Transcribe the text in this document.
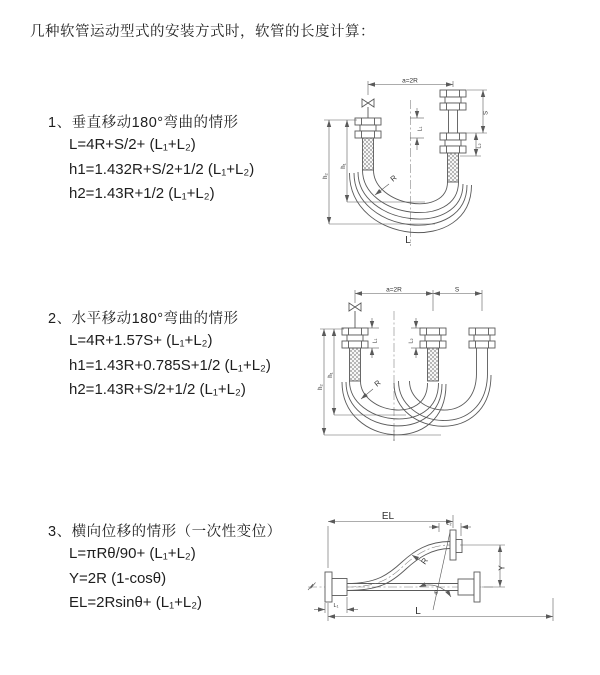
几种软管运动型式的安装方式时，软管的长度计算：
1、垂直移动180°弯曲的情形
L=4R+S/2+ (L₁+L₂)
h1=1.432R+S/2+1/2 (L₁+L₂)
h2=1.43R+1/2 (L₁+L₂)
2、水平移动180°弯曲的情形
L=4R+1.57S+ (L₁+L₂)
h1=1.43R+0.785S+1/2 (L₁+L₂)
h2=1.43R+S/2+1/2 (L₁+L₂)
3、横向位移的情形（一次性变位）
L=πRθ/90+ (L₁+L₂)
Y=2R (1-cosθ)
EL=2Rsinθ+ (L₁+L₂)
a=2R
R
h₁
h₂
S
L₂
L₁
L
a=2R	S
R
h₁
h₂
L₁	L₂
EL
L₂
Y
θ
R
L
L₁
